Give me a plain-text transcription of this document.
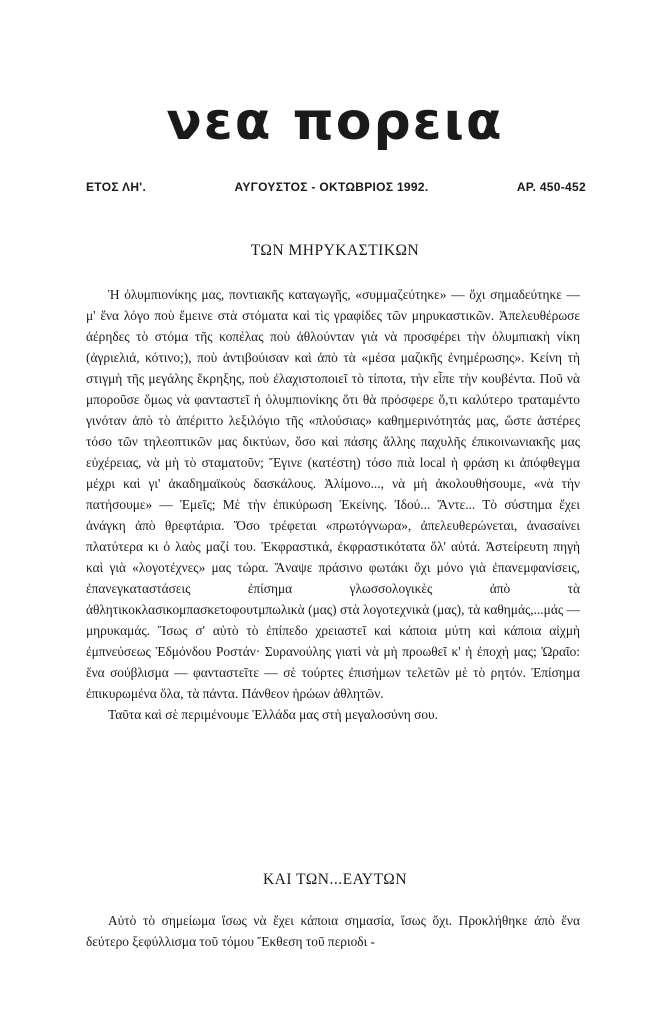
νεα πορεια
ΕΤΟΣ ΛΗ'.	ΑΥΓΟΥΣΤΟΣ - ΟΚΤΩΒΡΙΟΣ 1992.	ΑΡ. 450-452
ΤΩΝ ΜΗΡΥΚΑΣΤΙΚΩΝ

Ἡ ὀλυμπιονίκης μας, ποντιακῆς καταγωγῆς, «συμμαζεύτηκε» — ὄχι σημαδεύτηκε — μ' ἕνα λόγο ποὺ ἔμεινε στὰ στόματα καὶ τὶς γραφίδες τῶν μηρυκαστικῶν. Ἀπελευθέρωσε ἀέρηδες τὸ στόμα τῆς κοπέλας ποὺ ἀθλούνταν γιὰ νὰ προσφέρει τὴν ὀλυμπιακὴ νίκη (ἀγριελιά, κότινο;), ποὺ ἀντιβούισαν καὶ ἀπὸ τὰ «μέσα μαζικῆς ἐνημέρωσης». Κείνη τὴ στιγμὴ τῆς μεγάλης ἔκρηξης, ποὺ ἐλαχιστοποιεῖ τὸ τίποτα, τὴν εἶπε τὴν κουβέντα. Ποῦ νὰ μποροῦσε ὅμως νὰ φανταστεῖ ἡ ὀλυμπιονίκης ὅτι θὰ πρόσφερε ὅ,τι καλύτερο τραταμέντο γινόταν ἀπὸ τὸ ἀπέριττο λεξιλόγιο τῆς «πλούσιας» καθημερινότητάς μας, ὥστε ἀστέρες τόσο τῶν τηλεοπτικῶν μας δικτύων, ὅσο καὶ πάσης ἄλλης παχυλῆς ἐπικοινωνιακῆς μας εὐχέρειας, νὰ μὴ τὸ σταματοῦν; Ἔγινε (κατέστη) τόσο πιὰ local ἡ φράση κι ἀπόφθεγμα μέχρι καὶ γι' ἀκαδημαϊκοὺς δασκάλους. Ἀλίμονο..., νὰ μὴ ἀκολουθήσουμε, «νὰ τὴν πατήσουμε» — Ἐμεῖς; Μὲ τὴν ἐπικύρωση Ἐκείνης. Ἰδού... Ἄντε... Τὸ σύστημα ἔχει ἀνάγκη ἀπὸ θρεφτάρια. Ὅσο τρέφεται «πρωτόγνωρα», ἀπελευθερώνεται, ἀνασαίνει πλατύτερα κι ὁ λαὸς μαζί του. Ἐκφραστικά, ἐκφραστικότατα ὅλ' αὐτά. Ἀστείρευτη πηγὴ καὶ γιὰ «λογοτέχνες» μας τώρα. Ἄναψε πράσινο φωτάκι ὄχι μόνο γιὰ ἐπανεμφανίσεις, ἐπανεγκαταστάσεις ἐπίσημα γλωσσολογικὲς ἀπὸ τὰ ἀθλητικοκλασικομπασκετοφουτμπωλικὰ (μας) στὰ λογοτεχνικὰ (μας), τὰ καθημάς,...μάς — μηρυκαμάς. Ἴσως σ' αὐτὸ τὸ ἐπίπεδο χρειαστεῖ καὶ κάποια μύτη καὶ κάποια αἰχμὴ ἐμπνεύσεως Ἐδμόνδου Ροστάν· Συρανούλης γιατὶ νὰ μὴ προωθεῖ κ' ἡ ἐποχή μας; Ὡραῖο: ἕνα σούβλισμα — φανταστεῖτε — σὲ τούρτες ἐπισήμων τελετῶν μὲ τὸ ρητόν. Ἐπίσημα ἐπικυρωμένα ὅλα, τὰ πάντα. Πάνθεον ἡρώων ἀθλητῶν.

Ταῦτα καὶ σὲ περιμένουμε Ἑλλάδα μας στὴ μεγαλοσύνη σου.

ΚΑΙ ΤΩΝ...ΕΑΥΤΩΝ

Αὐτὸ τὸ σημείωμα ἴσως νὰ ἔχει κάποια σημασία, ἴσως ὄχι. Προκλήθηκε ἀπὸ ἕνα δεύτερο ξεφύλλισμα τοῦ τόμου Ἔκθεση τοῦ περιοδι -
